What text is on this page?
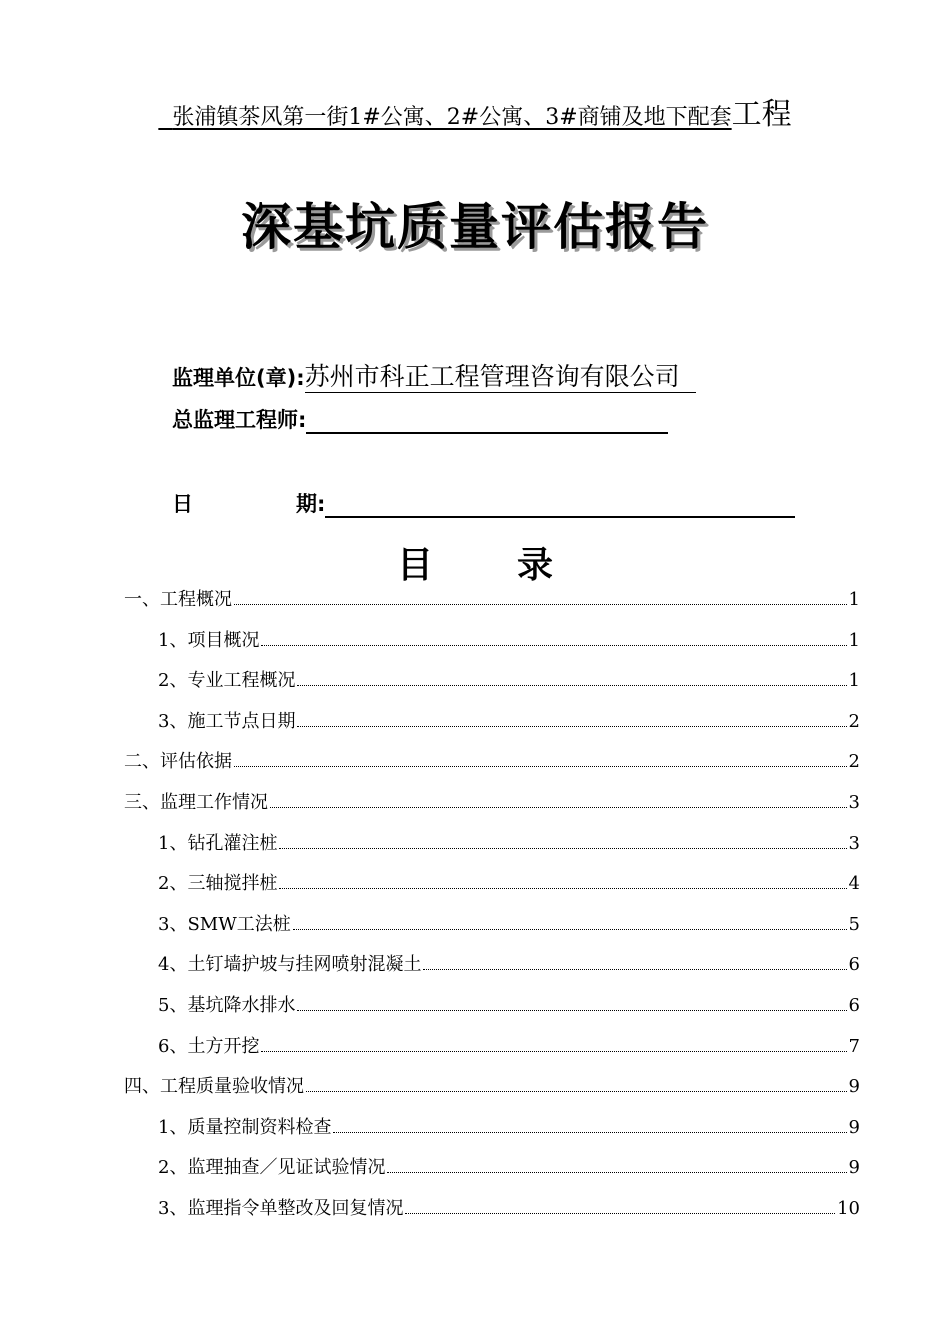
张浦镇茶风第一街1#公寓、2#公寓、3#商铺及地下配套工程
深基坑质量评估报告
监理单位(章):苏州市科正工程管理咨询有限公司
总监理工程师:
日	期:
目 录
一、工程概况	1
1、项目概况	1
2、专业工程概况	1
3、施工节点日期	2
二、评估依据	2
三、监理工作情况	3
1、钻孔灌注桩	3
2、三轴搅拌桩	4
3、SMW工法桩	5
4、土钉墙护坡与挂网喷射混凝土	6
5、基坑降水排水	6
6、土方开挖	7
四、工程质量验收情况	9
1、质量控制资料检查	9
2、监理抽查／见证试验情况	9
3、监理指令单整改及回复情况	10
